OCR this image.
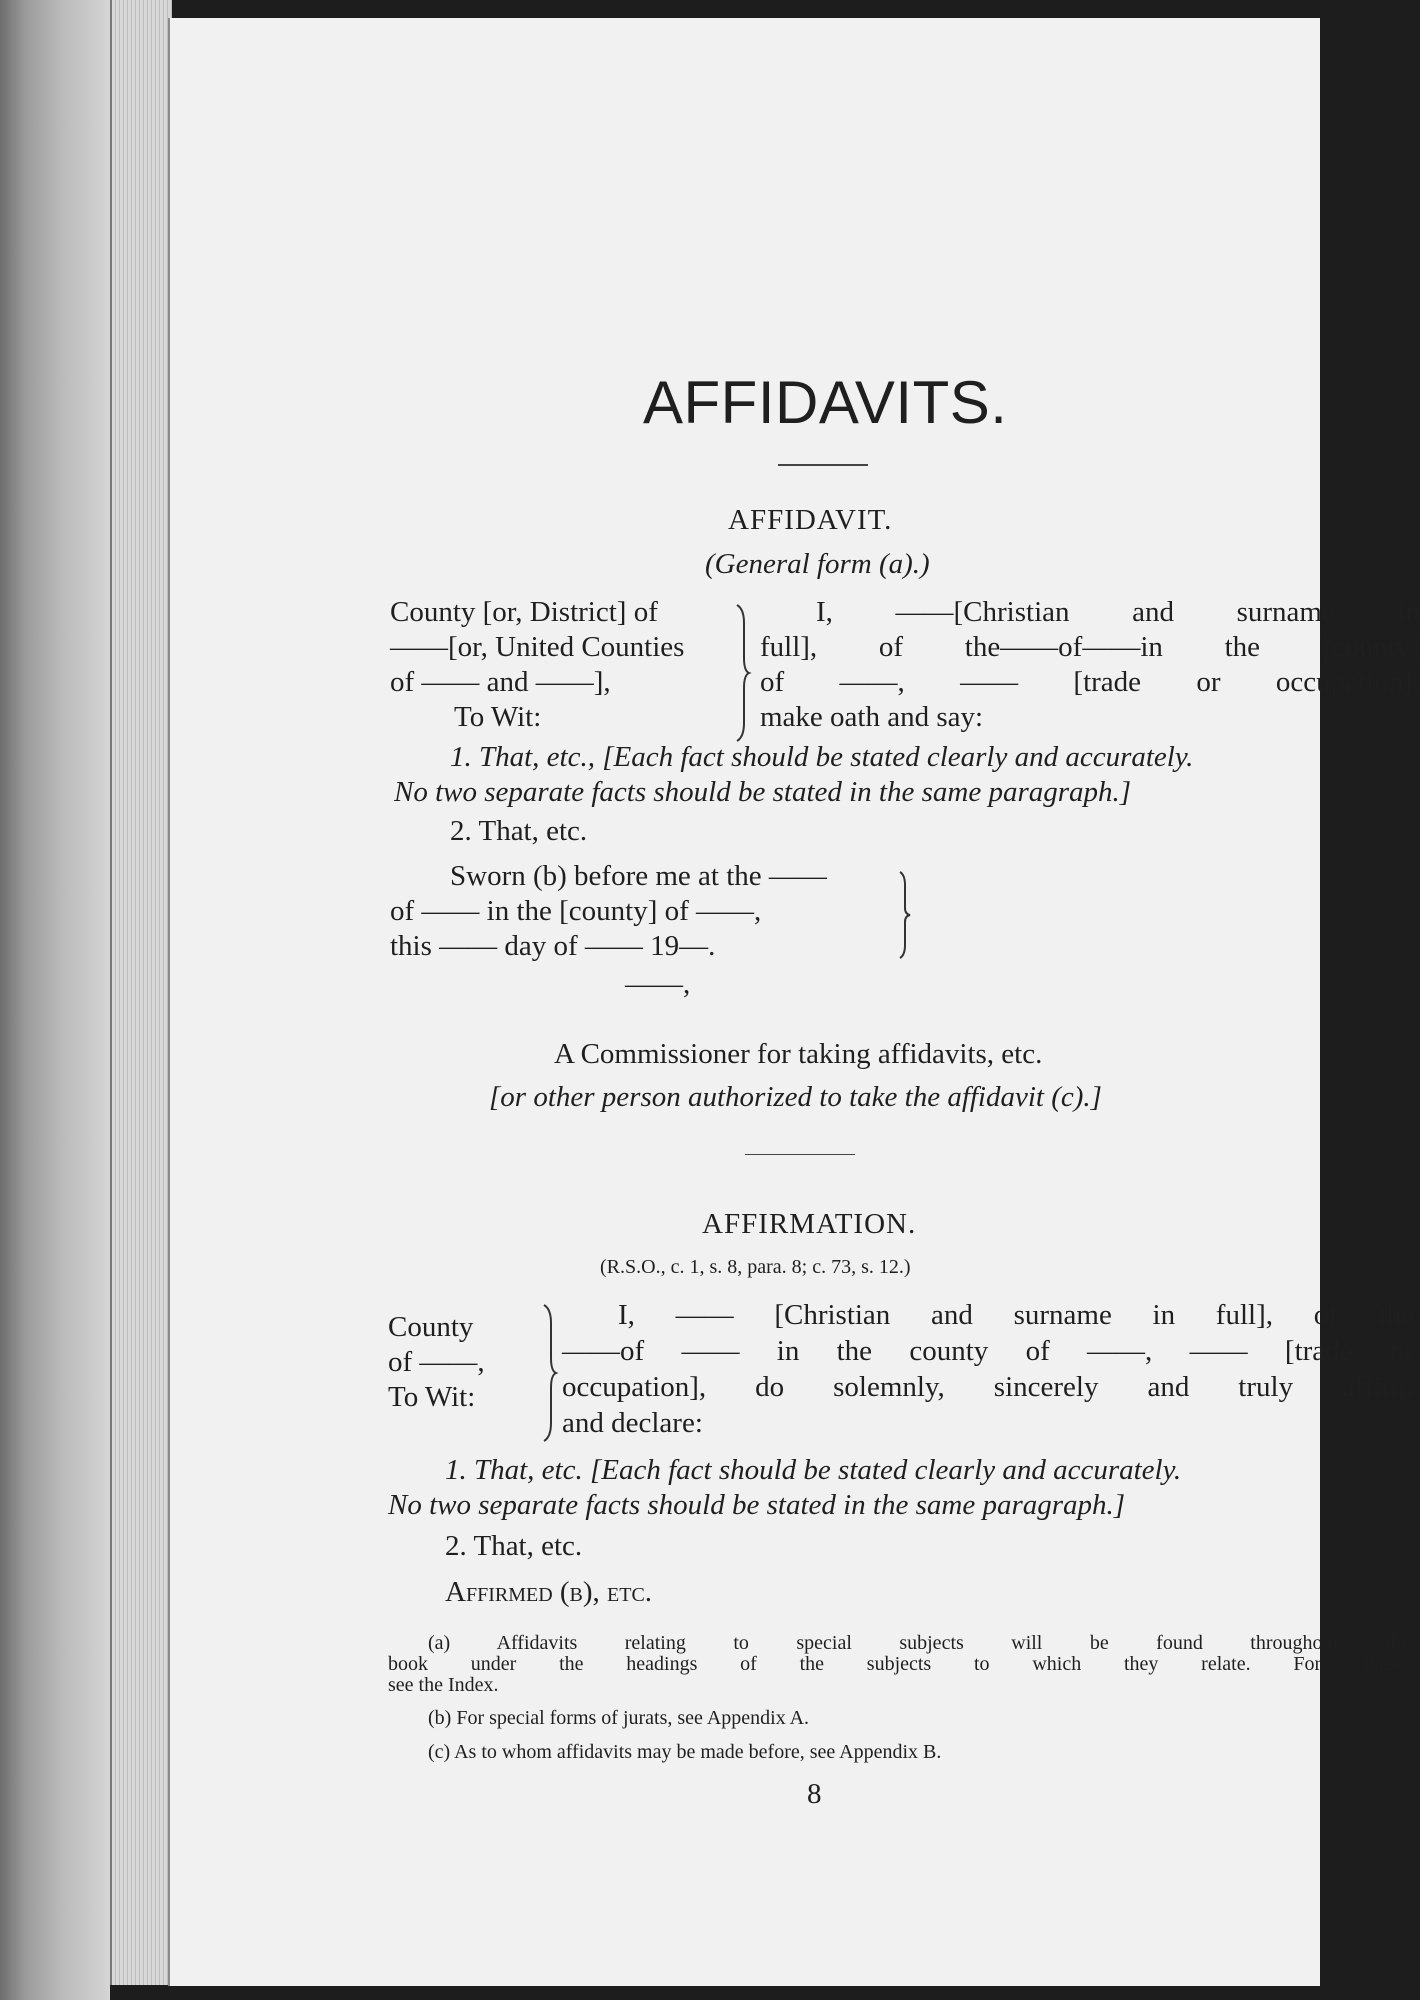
AFFIDAVITS.
AFFIDAVIT.
(General form (a).)
County [or, District] of
——[or, United Counties
of —— and ——],
To Wit:
I, ——[Christian and surname in
full], of the——of——in the [county]
of ——, —— [trade or occupation],
make oath and say:
1. That, etc., [Each fact should be stated clearly and accurately.
No two separate facts should be stated in the same paragraph.]
2. That, etc.
Sworn (b) before me at the ——
of —— in the [county] of ——,
this —— day of —— 19—.
——,
A Commissioner for taking affidavits, etc.
[or other person authorized to take the affidavit (c).]
AFFIRMATION.
(R.S.O., c. 1, s. 8, para. 8; c. 73, s. 12.)
County
of ——,
To Wit:
I, —— [Christian and surname in full], of the
——of —— in the county of ——, —— [trade or
occupation], do solemnly, sincerely and truly affirm
and declare:
1. That, etc. [Each fact should be stated clearly and accurately.
No two separate facts should be stated in the same paragraph.]
2. That, etc.
Affirmed (b), etc.
(a) Affidavits relating to special subjects will be found throughout the
book under the headings of the subjects to which they relate. For these,
see the Index.
(b) For special forms of jurats, see Appendix A.
(c) As to whom affidavits may be made before, see Appendix B.
8
